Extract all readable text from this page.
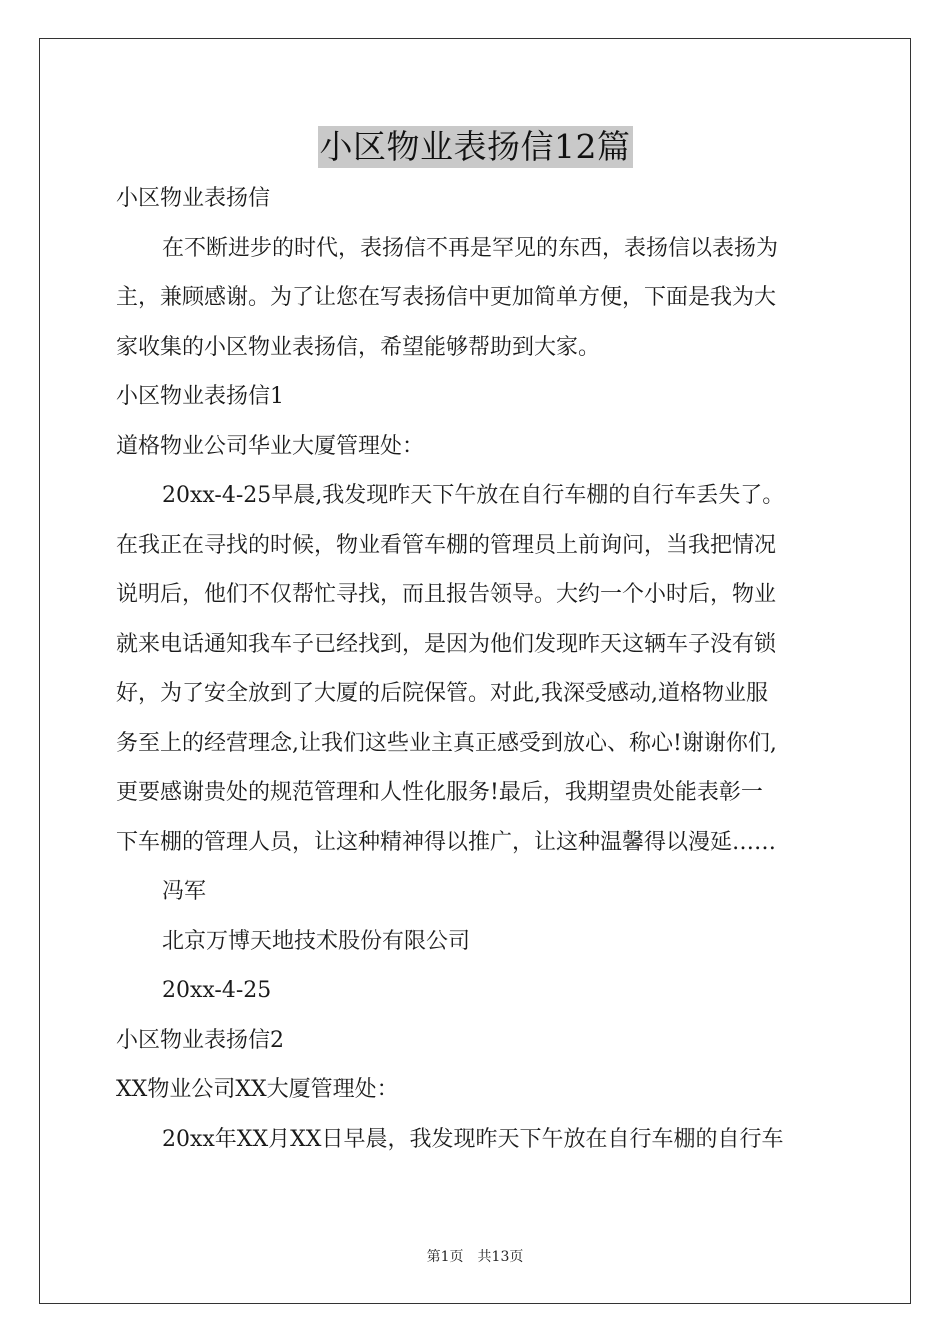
小区物业表扬信12篇

小区物业表扬信

在不断进步的时代，表扬信不再是罕见的东西，表扬信以表扬为

主，兼顾感谢。为了让您在写表扬信中更加简单方便，下面是我为大

家收集的小区物业表扬信，希望能够帮助到大家。

小区物业表扬信1

道格物业公司华业大厦管理处：

20xx-4-25早晨,我发现昨天下午放在自行车棚的自行车丢失了。

在我正在寻找的时候，物业看管车棚的管理员上前询问，当我把情况

说明后，他们不仅帮忙寻找，而且报告领导。大约一个小时后，物业

就来电话通知我车子已经找到，是因为他们发现昨天这辆车子没有锁

好，为了安全放到了大厦的后院保管。对此,我深受感动,道格物业服

务至上的经营理念,让我们这些业主真正感受到放心、称心!谢谢你们,

更要感谢贵处的规范管理和人性化服务!最后，我期望贵处能表彰一

下车棚的管理人员，让这种精神得以推广，让这种温馨得以漫延……

冯军

北京万博天地技术股份有限公司

20xx-4-25

小区物业表扬信2

XX物业公司XX大厦管理处：

20xx年XX月XX日早晨，我发现昨天下午放在自行车棚的自行车

第1页 共13页
